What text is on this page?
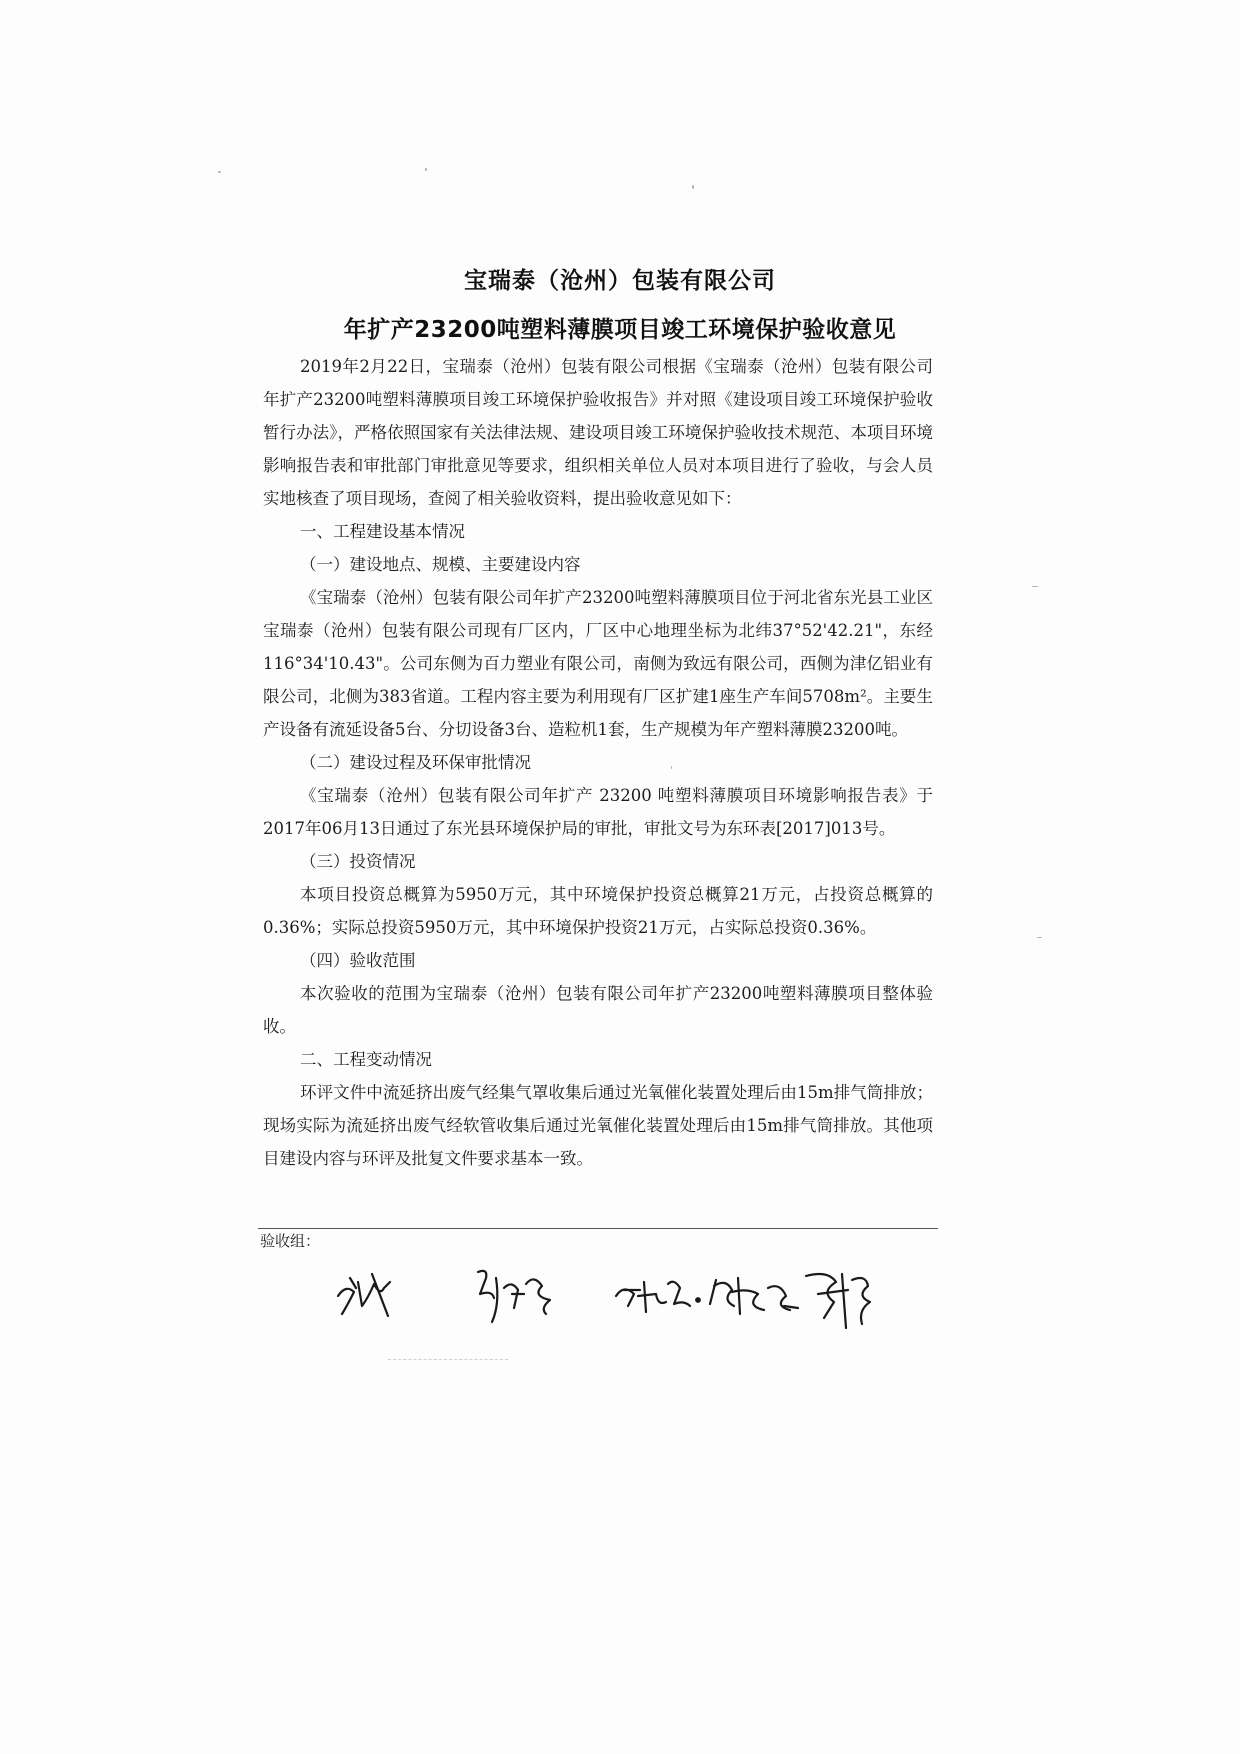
宝瑞泰（沧州）包装有限公司
年扩产23200吨塑料薄膜项目竣工环境保护验收意见

2019年2月22日，宝瑞泰（沧州）包装有限公司根据《宝瑞泰（沧州）包装有限公司年扩产23200吨塑料薄膜项目竣工环境保护验收报告》并对照《建设项目竣工环境保护验收暂行办法》，严格依照国家有关法律法规、建设项目竣工环境保护验收技术规范、本项目环境影响报告表和审批部门审批意见等要求，组织相关单位人员对本项目进行了验收，与会人员实地核查了项目现场，查阅了相关验收资料，提出验收意见如下：

一、工程建设基本情况

（一）建设地点、规模、主要建设内容

《宝瑞泰（沧州）包装有限公司年扩产23200吨塑料薄膜项目位于河北省东光县工业区宝瑞泰（沧州）包装有限公司现有厂区内，厂区中心地理坐标为北纬37°52'42.21"，东经116°34'10.43"。公司东侧为百力塑业有限公司，南侧为致远有限公司，西侧为津亿铝业有限公司，北侧为383省道。工程内容主要为利用现有厂区扩建1座生产车间5708m²。主要生产设备有流延设备5台、分切设备3台、造粒机1套，生产规模为年产塑料薄膜23200吨。

（二）建设过程及环保审批情况

《宝瑞泰（沧州）包装有限公司年扩产 23200 吨塑料薄膜项目环境影响报告表》于2017年06月13日通过了东光县环境保护局的审批，审批文号为东环表[2017]013号。

（三）投资情况

本项目投资总概算为5950万元，其中环境保护投资总概算21万元，占投资总概算的0.36%；实际总投资5950万元，其中环境保护投资21万元，占实际总投资0.36%。

（四）验收范围

本次验收的范围为宝瑞泰（沧州）包装有限公司年扩产23200吨塑料薄膜项目整体验收。

二、工程变动情况

环评文件中流延挤出废气经集气罩收集后通过光氧催化装置处理后由15m排气筒排放；现场实际为流延挤出废气经软管收集后通过光氧催化装置处理后由15m排气筒排放。其他项目建设内容与环评及批复文件要求基本一致。

验收组：
